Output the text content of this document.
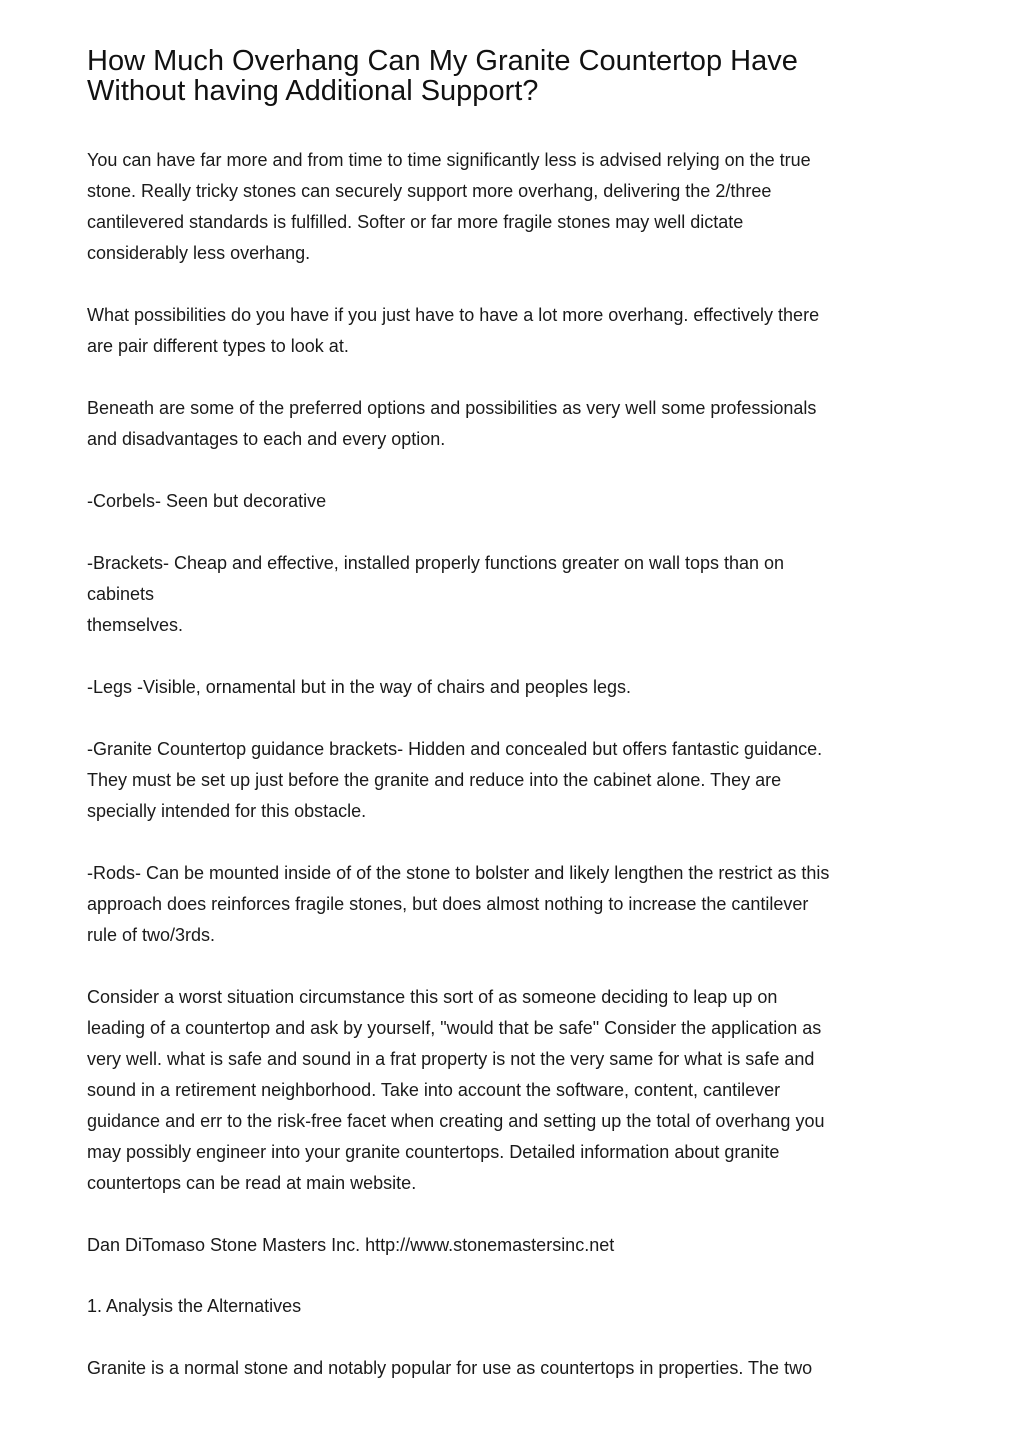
How Much Overhang Can My Granite Countertop Have
Without having Additional Support?

You can have far more and from time to time significantly less is advised relying on the true
stone. Really tricky stones can securely support more overhang, delivering the 2/three
cantilevered standards is fulfilled. Softer or far more fragile stones may well dictate
considerably less overhang.

What possibilities do you have if you just have to have a lot more overhang. effectively there
are pair different types to look at.

Beneath are some of the preferred options and possibilities as very well some professionals
and disadvantages to each and every option.

-Corbels- Seen but decorative

-Brackets- Cheap and effective, installed properly functions greater on wall tops than on
cabinets
themselves.

-Legs -Visible, ornamental but in the way of chairs and peoples legs.

-Granite Countertop guidance brackets- Hidden and concealed but offers fantastic guidance.
They must be set up just before the granite and reduce into the cabinet alone. They are
specially intended for this obstacle.

-Rods- Can be mounted inside of of the stone to bolster and likely lengthen the restrict as this
approach does reinforces fragile stones, but does almost nothing to increase the cantilever
rule of two/3rds.

Consider a worst situation circumstance this sort of as someone deciding to leap up on
leading of a countertop and ask by yourself, "would that be safe" Consider the application as
very well. what is safe and sound in a frat property is not the very same for what is safe and
sound in a retirement neighborhood. Take into account the software, content, cantilever
guidance and err to the risk-free facet when creating and setting up the total of overhang you
may possibly engineer into your granite countertops. Detailed information about granite
countertops can be read at main website.

Dan DiTomaso Stone Masters Inc. http://www.stonemastersinc.net

1. Analysis the Alternatives

Granite is a normal stone and notably popular for use as countertops in properties. The two
